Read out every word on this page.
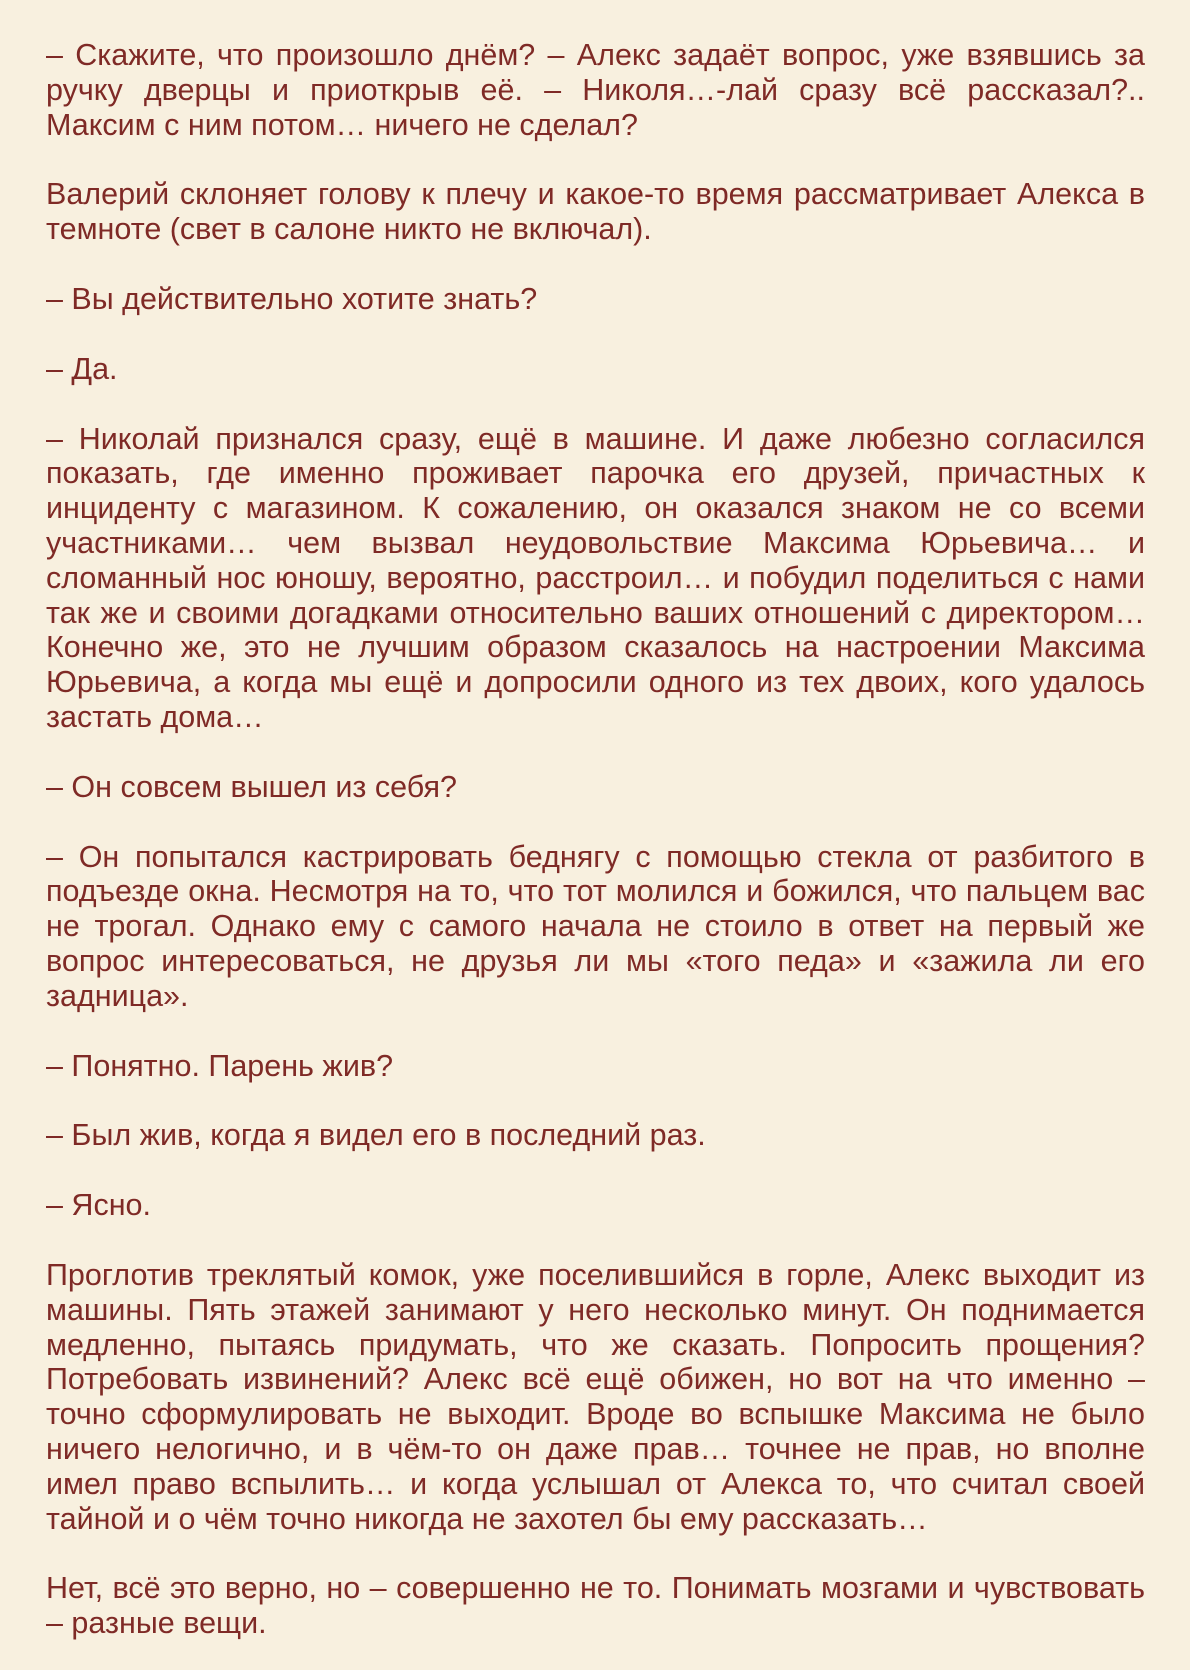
– Скажите, что произошло днём? – Алекс задаёт вопрос, уже взявшись за ручку дверцы и приоткрыв её. – Николя…-лай сразу всё рассказал?.. Максим с ним потом… ничего не сделал?

Валерий склоняет голову к плечу и какое-то время рассматривает Алекса в темноте (свет в салоне никто не включал).

– Вы действительно хотите знать?

– Да.

– Николай признался сразу, ещё в машине. И даже любезно согласился показать, где именно проживает парочка его друзей, причастных к инциденту с магазином. К сожалению, он оказался знаком не со всеми участниками… чем вызвал неудовольствие Максима Юрьевича… и сломанный нос юношу, вероятно, расстроил… и побудил поделиться с нами так же и своими догадками относительно ваших отношений с директором… Конечно же, это не лучшим образом сказалось на настроении Максима Юрьевича, а когда мы ещё и допросили одного из тех двоих, кого удалось застать дома…

– Он совсем вышел из себя?

– Он попытался кастрировать беднягу с помощью стекла от разбитого в подъезде окна. Несмотря на то, что тот молился и божился, что пальцем вас не трогал. Однако ему с самого начала не стоило в ответ на первый же вопрос интересоваться, не друзья ли мы «того педа» и «зажила ли его задница».

– Понятно. Парень жив?

– Был жив, когда я видел его в последний раз.

– Ясно.

Проглотив треклятый комок, уже поселившийся в горле, Алекс выходит из машины. Пять этажей занимают у него несколько минут. Он поднимается медленно, пытаясь придумать, что же сказать. Попросить прощения? Потребовать извинений? Алекс всё ещё обижен, но вот на что именно – точно сформулировать не выходит. Вроде во вспышке Максима не было ничего нелогично, и в чём-то он даже прав… точнее не прав, но вполне имел право вспылить… и когда услышал от Алекса то, что считал своей тайной и о чём точно никогда не захотел бы ему рассказать…

Нет, всё это верно, но – совершенно не то. Понимать мозгами и чувствовать – разные вещи.
